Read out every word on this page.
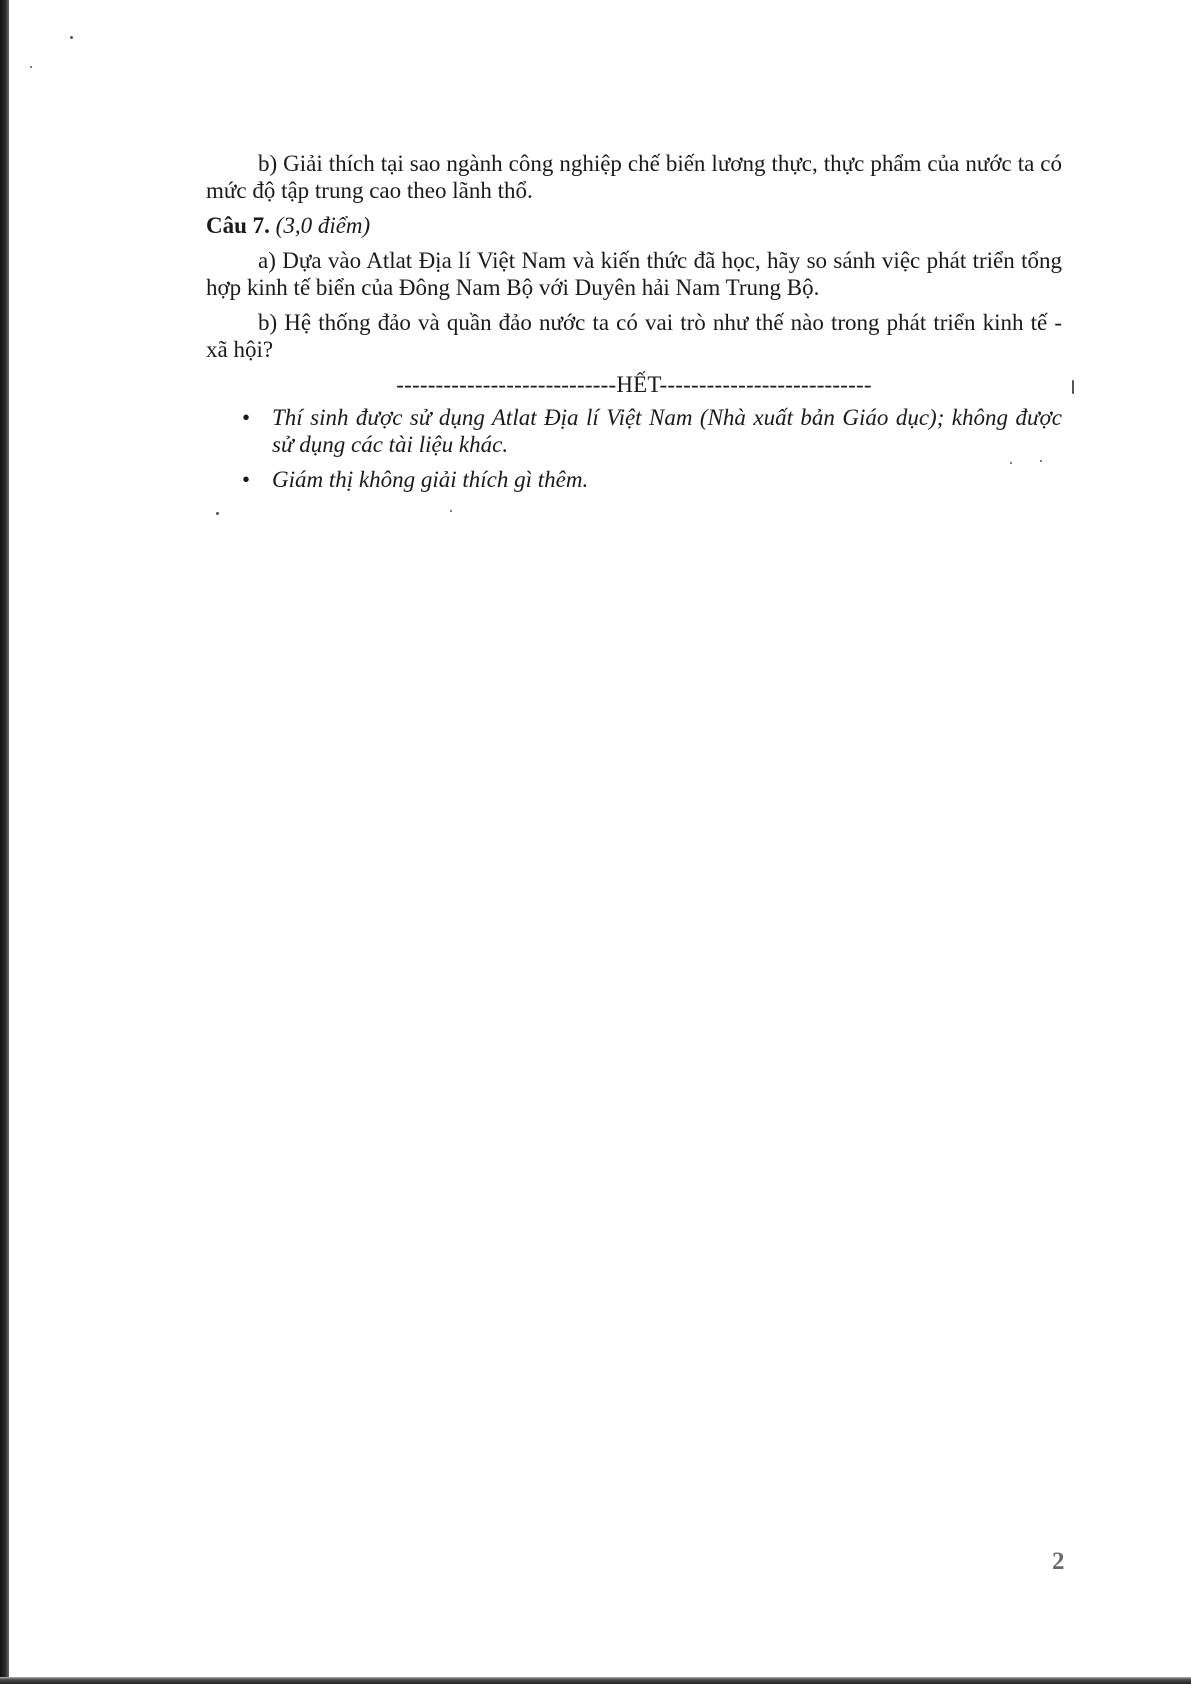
b) Giải thích tại sao ngành công nghiệp chế biến lương thực, thực phẩm của nước ta có mức độ tập trung cao theo lãnh thổ.

Câu 7. (3,0 điểm)

a) Dựa vào Atlat Địa lí Việt Nam và kiến thức đã học, hãy so sánh việc phát triển tổng hợp kinh tế biển của Đông Nam Bộ với Duyên hải Nam Trung Bộ.

b) Hệ thống đảo và quần đảo nước ta có vai trò như thế nào trong phát triển kinh tế - xã hội?

----------------------------HẾT---------------------------
• Thí sinh được sử dụng Atlat Địa lí Việt Nam (Nhà xuất bản Giáo dục); không được sử dụng các tài liệu khác.
• Giám thị không giải thích gì thêm.
2
